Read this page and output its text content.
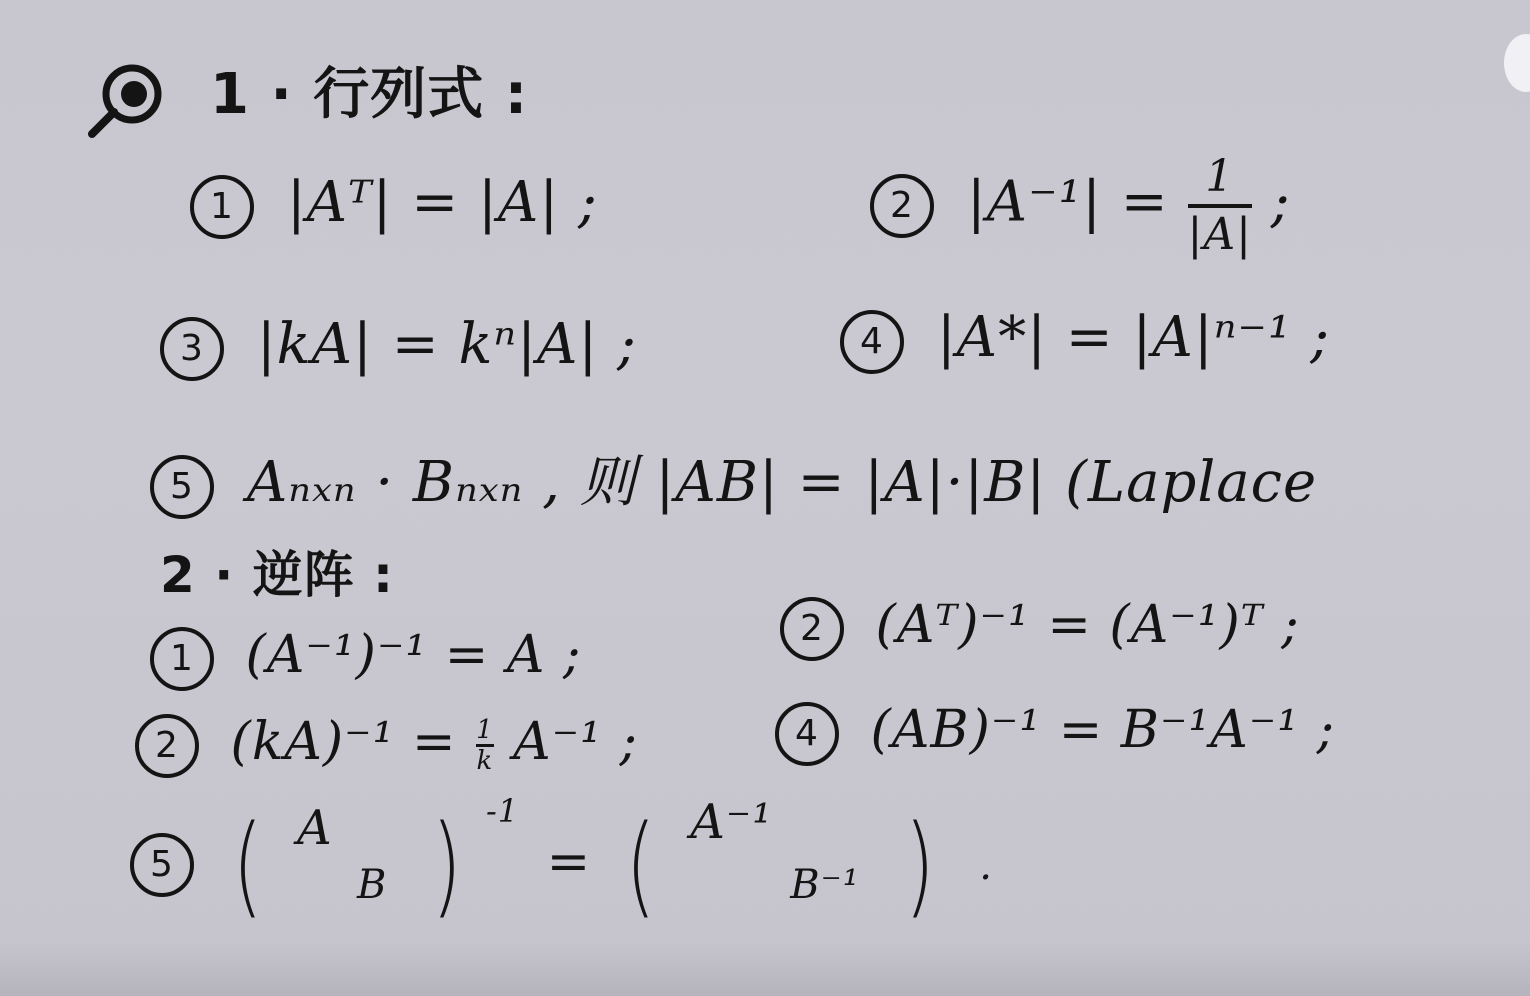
1 · 行列式 :
1 |Aᵀ| = |A| ;	2 $|A^{-1}| = \frac{1}{|A|}$ ;
3 |kA| = kⁿ|A| ;	4 |A*| = |A|ⁿ⁻¹ ;
5 Aₙₓₙ · Bₙₓₙ , 则 |AB| = |A|·|B| (Laplace
2 · 逆阵 :
1 (A⁻¹)⁻¹ = A ;	2 (Aᵀ)⁻¹ = (A⁻¹)ᵀ ;
2 $(kA)^{-1} = \frac{1}{k} A^{-1}$ ;	4 (AB)⁻¹ = B⁻¹A⁻¹ ;
5 ( A
B ) $^{-1}$ = ( A⁻¹
B⁻¹ ) .
